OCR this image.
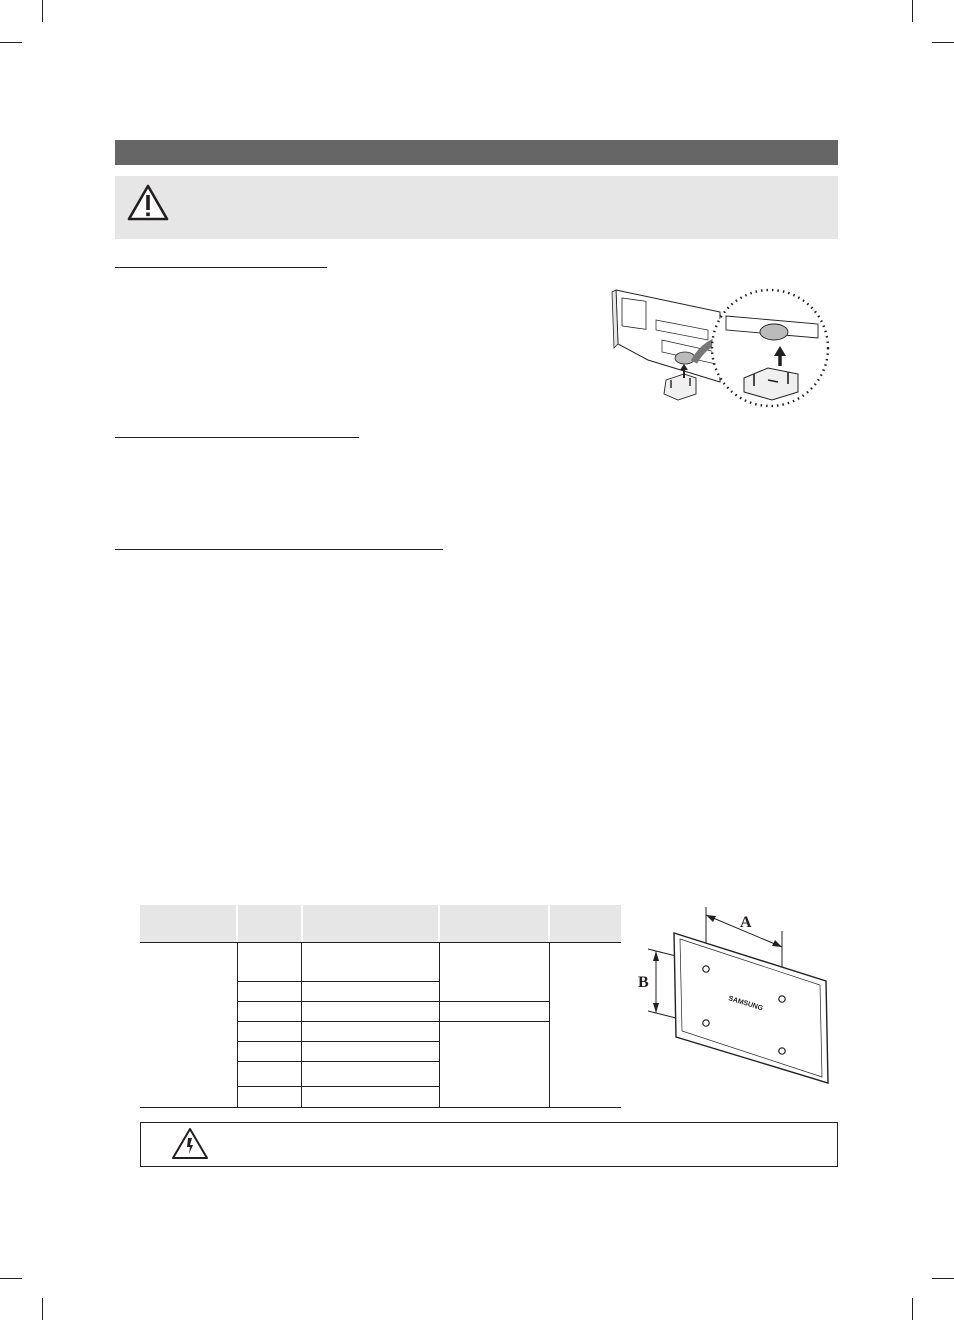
A
B
SAMSUNG
